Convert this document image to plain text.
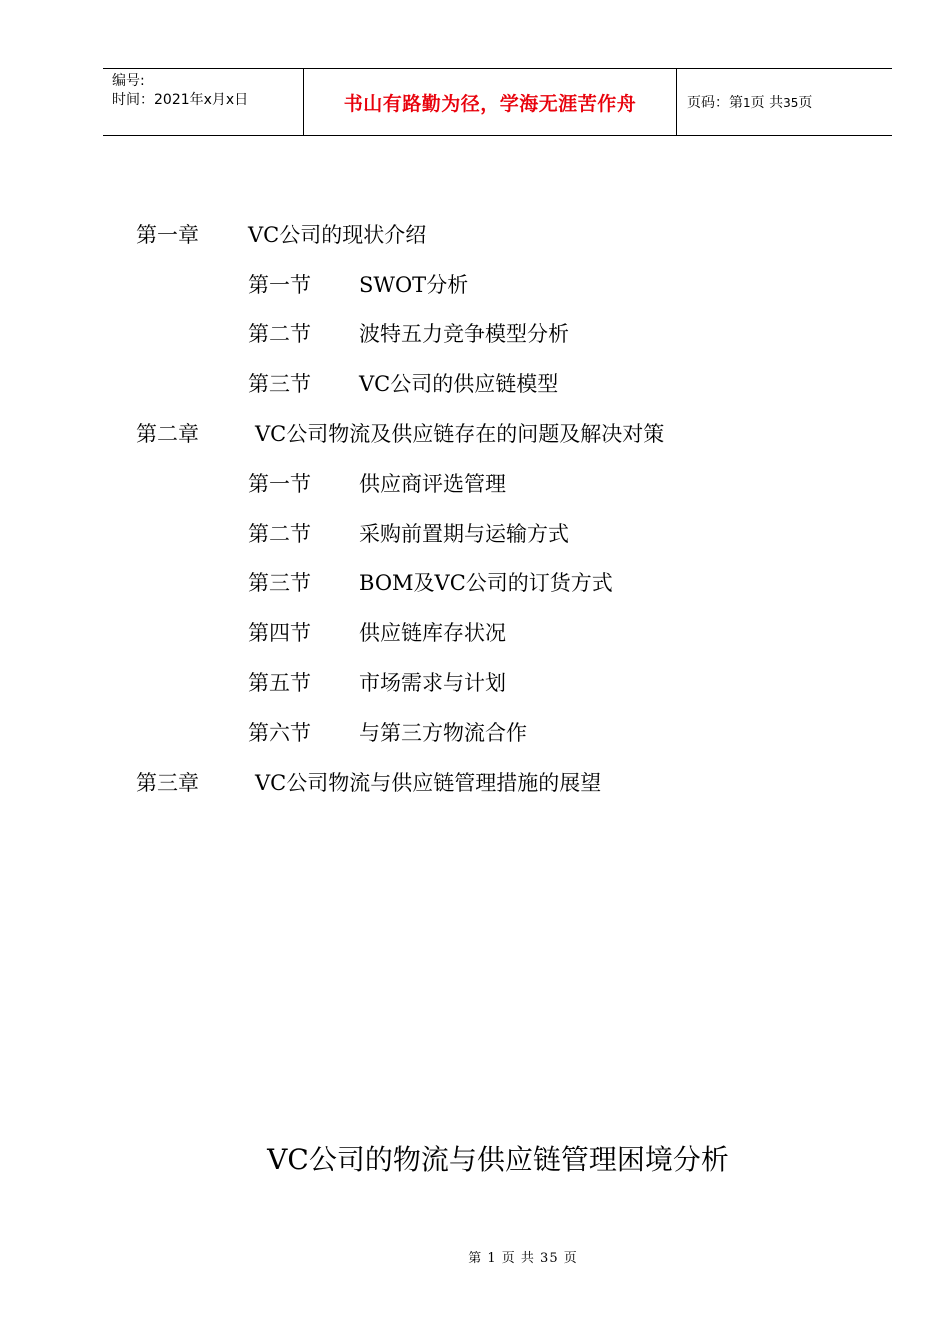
编号:
时间：2021年x月x日	书山有路勤为径，学海无涯苦作舟	页码：第1页 共35页
第一章 VC公司的现状介绍
第一节 SWOT分析
第二节 波特五力竞争模型分析
第三节 VC公司的供应链模型
第二章	VC公司物流及供应链存在的问题及解决对策
第一节 供应商评选管理
第二节 采购前置期与运输方式
第三节 BOM及VC公司的订货方式
第四节 供应链库存状况
第五节 市场需求与计划
第六节 与第三方物流合作
第三章	VC公司物流与供应链管理措施的展望
VC公司的物流与供应链管理困境分析
第 1 页 共 35 页
